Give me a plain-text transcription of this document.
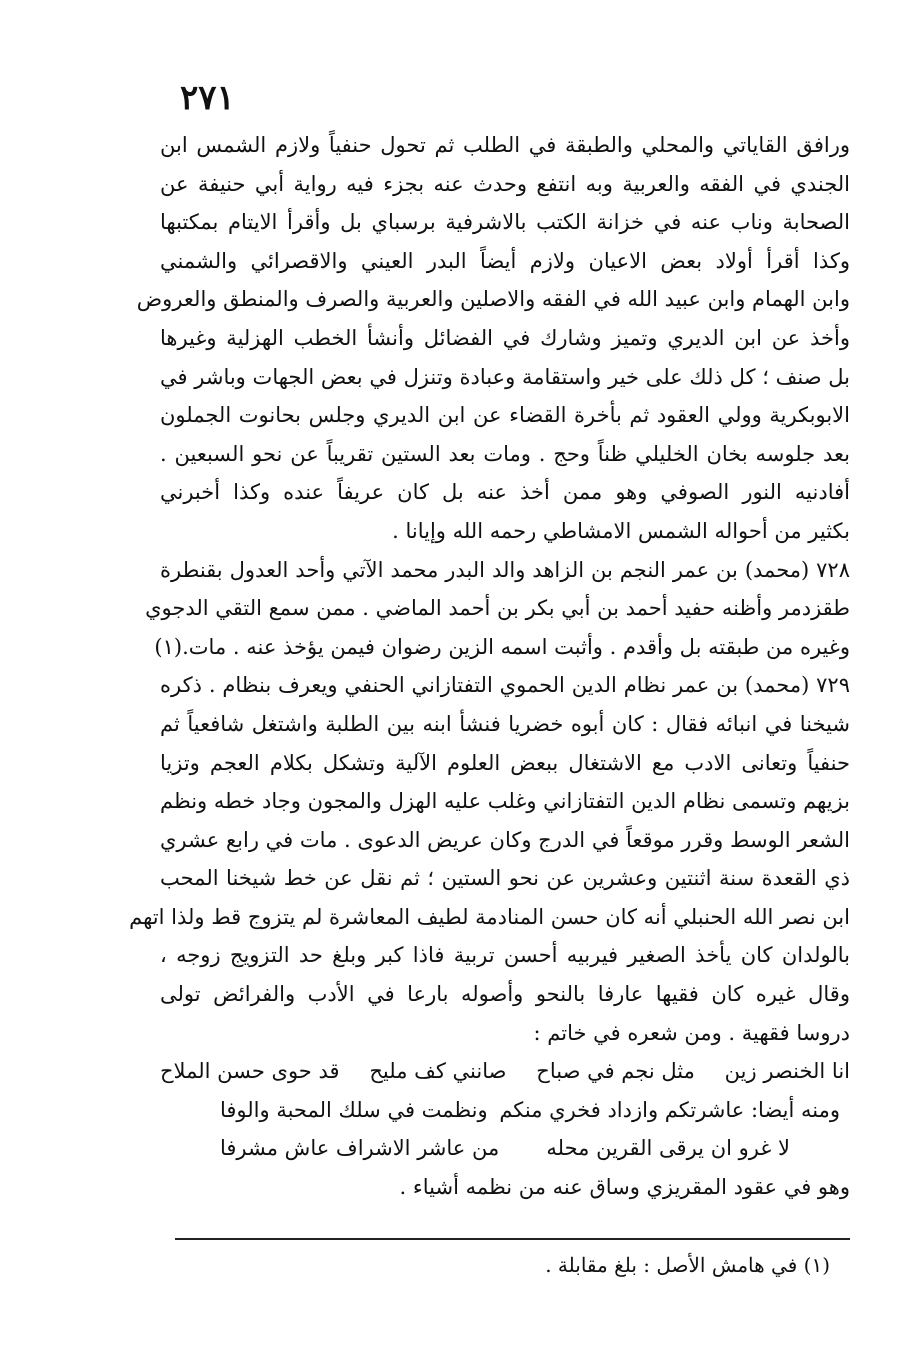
٢٧١
ورافق القاياتي والمحلي والطبقة في الطلب ثم تحول حنفياً ولازم الشمس ابن
الجندي في الفقه والعربية وبه انتفع وحدث عنه بجزء فيه رواية أبي حنيفة عن
الصحابة وناب عنه في خزانة الكتب بالاشرفية برسباي بل وأقرأ الايتام بمكتبها
وكذا أقرأ أولاد بعض الاعيان ولازم أيضاً البدر العيني والاقصرائي والشمني
وابن الهمام وابن عبيد الله في الفقه والاصلين والعربية والصرف والمنطق والعروض
وأخذ عن ابن الديري وتميز وشارك في الفضائل وأنشأ الخطب الهزلية وغيرها
بل صنف ؛ كل ذلك على خير واستقامة وعبادة وتنزل في بعض الجهات وباشر في
الابوبكرية وولي العقود ثم بأخرة القضاء عن ابن الديري وجلس بحانوت الجملون
بعد جلوسه بخان الخليلي ظناً وحج . ومات بعد الستين تقريباً عن نحو السبعين .
أفادنيه النور الصوفي وهو ممن أخذ عنه بل كان عريفاً عنده وكذا أخبرني
بكثير من أحواله الشمس الامشاطي رحمه الله وإيانا .
٧٢٨ (محمد) بن عمر النجم بن الزاهد والد البدر محمد الآتي وأحد العدول بقنطرة
طقزدمر وأظنه حفيد أحمد بن أبي بكر بن أحمد الماضي . ممن سمع التقي الدجوي
وغيره من طبقته بل وأقدم . وأثبت اسمه الزين رضوان فيمن يؤخذ عنه . مات.(١)
٧٢٩ (محمد) بن عمر نظام الدين الحموي التفتازاني الحنفي ويعرف بنظام . ذكره
شيخنا في انبائه فقال : كان أبوه خضريا فنشأ ابنه بين الطلبة واشتغل شافعياً ثم
حنفياً وتعانى الادب مع الاشتغال ببعض العلوم الآلية وتشكل بكلام العجم وتزيا
بزيهم وتسمى نظام الدين التفتازاني وغلب عليه الهزل والمجون وجاد خطه ونظم
الشعر الوسط وقرر موقعاً في الدرج وكان عريض الدعوى . مات في رابع عشري
ذي القعدة سنة اثنتين وعشرين عن نحو الستين ؛ ثم نقل عن خط شيخنا المحب
ابن نصر الله الحنبلي أنه كان حسن المنادمة لطيف المعاشرة لم يتزوج قط ولذا اتهم
بالولدان كان يأخذ الصغير فيربيه أحسن تربية فاذا كبر وبلغ حد التزويج زوجه ،
وقال غيره كان فقيها عارفا بالنحو وأصوله بارعا في الأدب والفرائض تولى
دروسا فقهية . ومن شعره في خاتم :
انا الخنصر زين
مثل نجم في صباح
صانني كف مليح
قد حوى حسن الملاح
ومنه أيضا: عاشرتكم وازداد فخري منكم
ونظمت في سلك المحبة والوفا
لا غرو ان يرقى القرين محله
من عاشر الاشراف عاش مشرفا
وهو في عقود المقريزي وساق عنه من نظمه أشياء .
(١) في هامش الأصل : بلغ مقابلة .
